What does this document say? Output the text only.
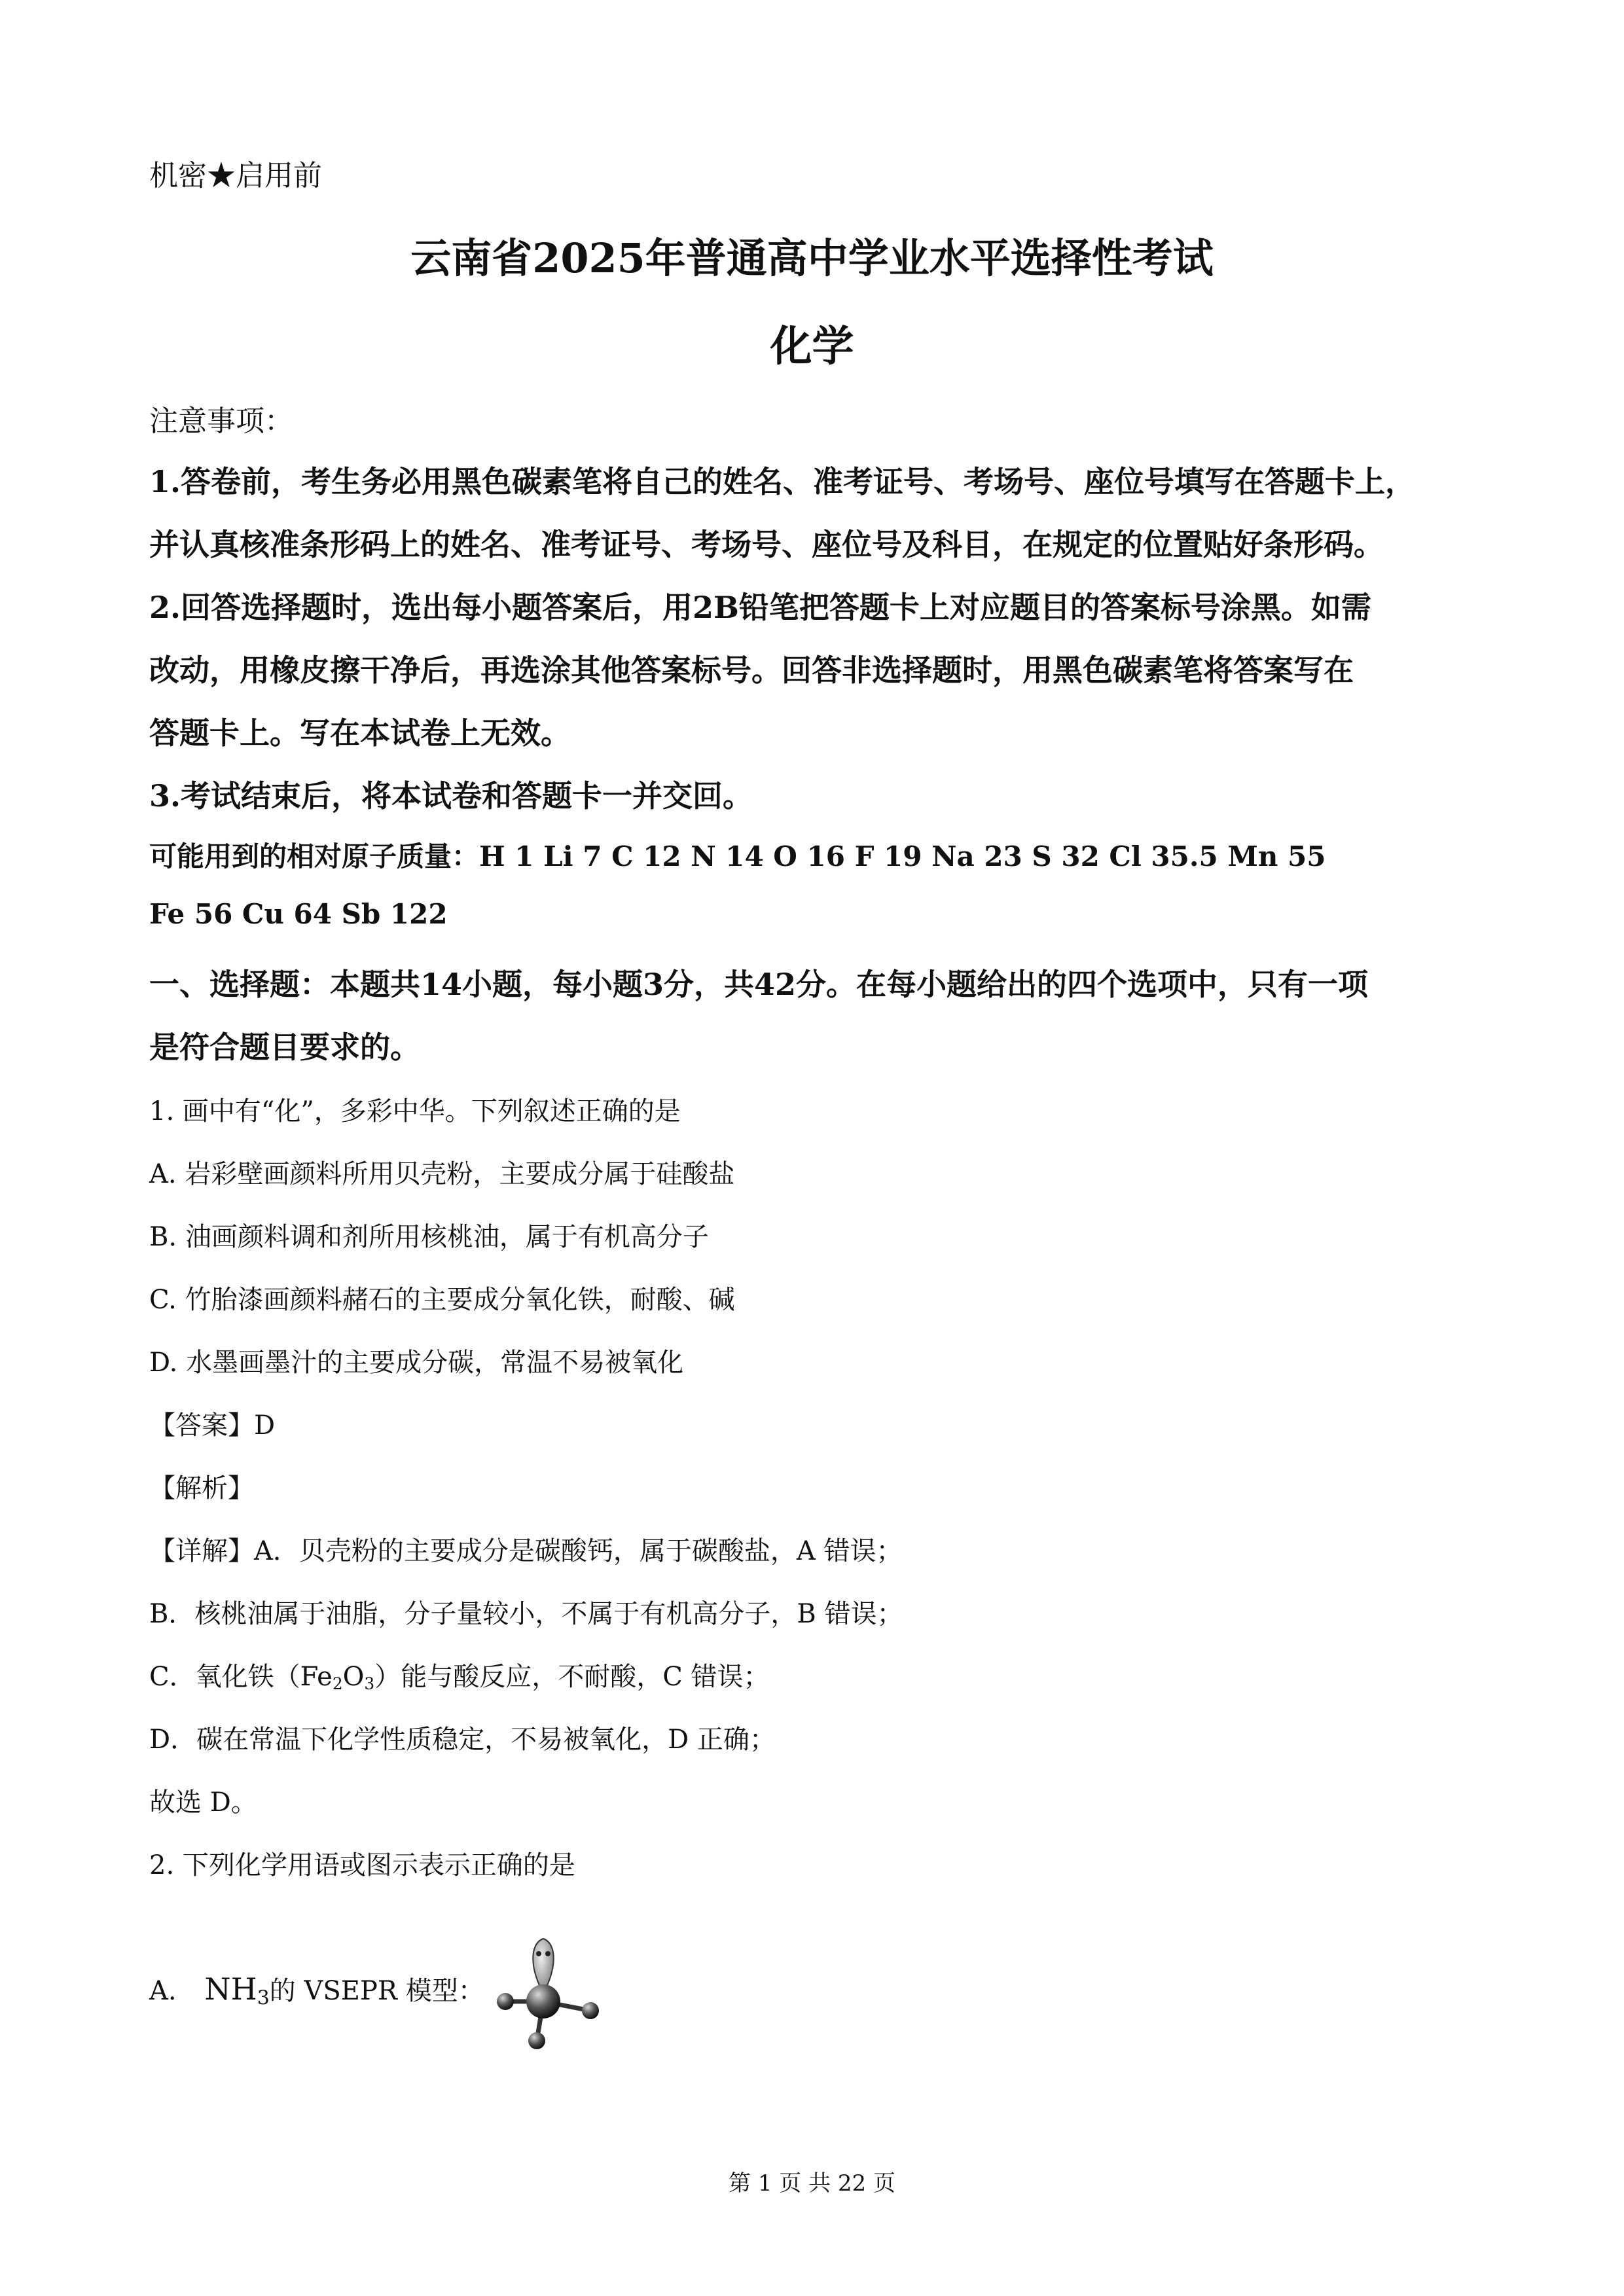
机密★启用前
云南省2025年普通高中学业水平选择性考试
化学
注意事项：
1.答卷前，考生务必用黑色碳素笔将自己的姓名、准考证号、考场号、座位号填写在答题卡上，
并认真核准条形码上的姓名、准考证号、考场号、座位号及科目，在规定的位置贴好条形码。
2.回答选择题时，选出每小题答案后，用2B铅笔把答题卡上对应题目的答案标号涂黑。如需
改动，用橡皮擦干净后，再选涂其他答案标号。回答非选择题时，用黑色碳素笔将答案写在
答题卡上。写在本试卷上无效。
3.考试结束后，将本试卷和答题卡一并交回。
可能用到的相对原子质量：H 1 Li 7 C 12 N 14 O 16 F 19 Na 23 S 32 Cl 35.5 Mn 55
Fe 56 Cu 64 Sb 122
一、选择题：本题共14小题，每小题3分，共42分。在每小题给出的四个选项中，只有一项
是符合题目要求的。
1. 画中有“化”，多彩中华。下列叙述正确的是
A. 岩彩壁画颜料所用贝壳粉，主要成分属于硅酸盐
B. 油画颜料调和剂所用核桃油，属于有机高分子
C. 竹胎漆画颜料赭石的主要成分氧化铁，耐酸、碱
D. 水墨画墨汁的主要成分碳，常温不易被氧化
【答案】D
【解析】
【详解】A．贝壳粉的主要成分是碳酸钙，属于碳酸盐，A 错误；
B．核桃油属于油脂，分子量较小，不属于有机高分子，B 错误；
C．氧化铁$(Fe_2O_3)$能与酸反应，不耐酸，C 错误；
D．碳在常温下化学性质稳定，不易被氧化，D 正确；
故选 D。
2. 下列化学用语或图示表示正确的是
A. $NH_3$的 VSEPR 模型：
第 1 页 共 22 页
